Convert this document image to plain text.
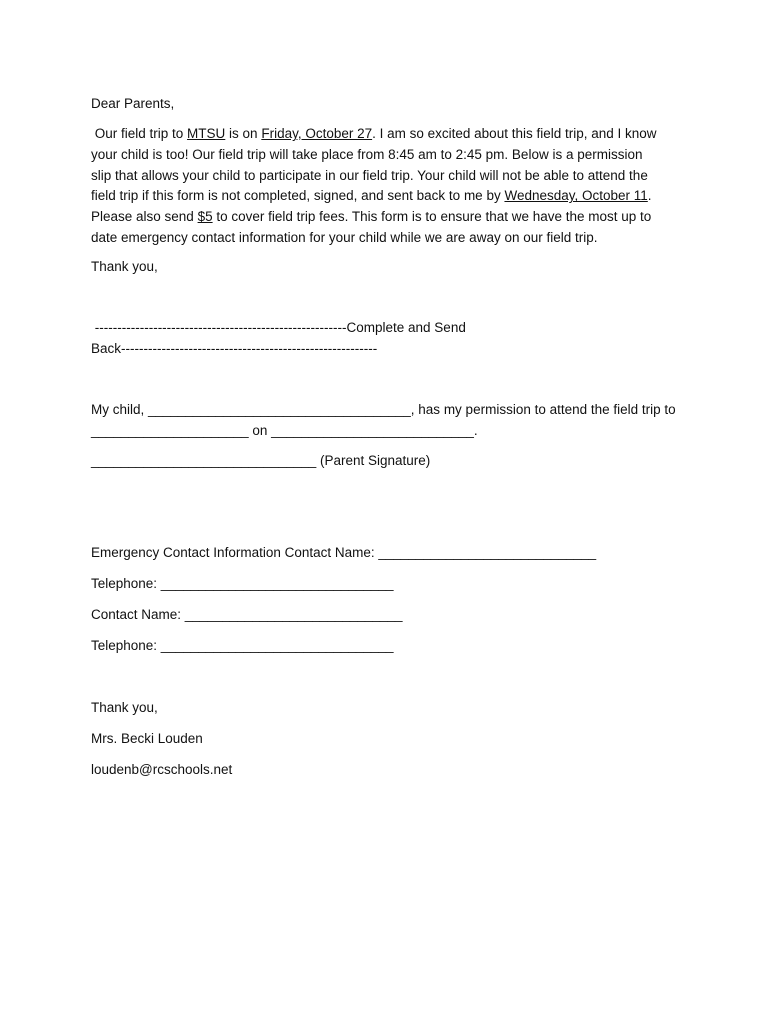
Dear Parents,

Our field trip to MTSU is on Friday, October 27. I am so excited about this field trip, and I know
your child is too! Our field trip will take place from 8:45 am to 2:45 pm. Below is a permission
slip that allows your child to participate in our field trip. Your child will not be able to attend the
field trip if this form is not completed, signed, and sent back to me by Wednesday, October 11.
Please also send $5 to cover field trip fees. This form is to ensure that we have the most up to
date emergency contact information for your child while we are away on our field trip.

Thank you,

--------------------------------------------------------Complete and Send

Back---------------------------------------------------------

My child, ___________________________________, has my permission to attend the field trip to

_____________________ on ___________________________.

______________________________ (Parent Signature)

Emergency Contact Information Contact Name: _____________________________

Telephone: _______________________________

Contact Name: _____________________________

Telephone: _______________________________

Thank you,

Mrs. Becki Louden

loudenb@rcschools.net
